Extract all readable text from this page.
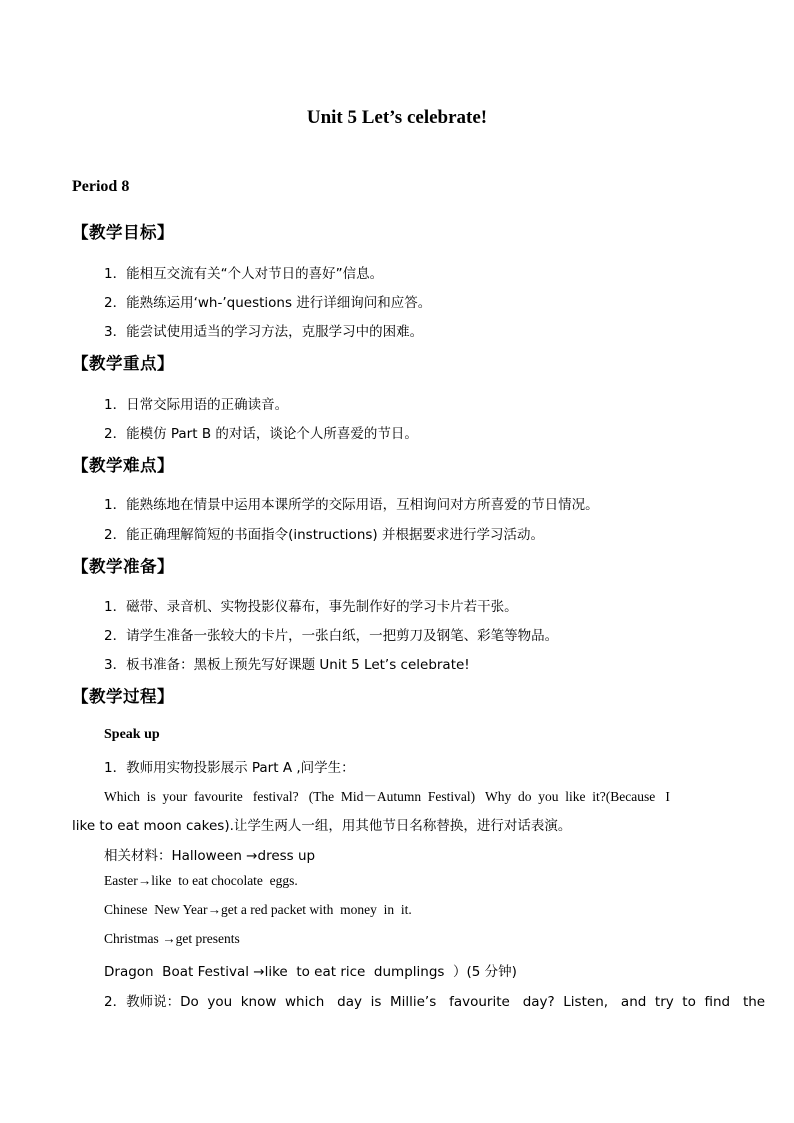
Unit 5 Let’s celebrate!
Period 8
【教学目标】
1．能相互交流有关“个人对节日的喜好”信息。
2．能熟练运用‘wh-’questions 进行详细询问和应答。
3．能尝试使用适当的学习方法，克服学习中的困难。
【教学重点】
1．日常交际用语的正确读音。
2．能模仿 Part B 的对话，谈论个人所喜爱的节日。
【教学难点】
1．能熟练地在情景中运用本课所学的交际用语，互相询问对方所喜爱的节日情况。
2．能正确理解简短的书面指令(instructions) 并根据要求进行学习活动。
【教学准备】
1．磁带、录音机、实物投影仪幕布，事先制作好的学习卡片若干张。
2．请学生准备一张较大的卡片，一张白纸，一把剪刀及钢笔、彩笔等物品。
3．板书准备：黑板上预先写好课题 Unit 5 Let’s celebrate!
【教学过程】
Speak up
1．教师用实物投影展示 Part A ,问学生：
Which  is  your  favourite   festival?   (The  Mid－Autumn  Festival)   Why  do  you  like  it?(Because   I
like to eat moon cakes).让学生两人一组，用其他节日名称替换，进行对话表演。
相关材料：Halloween →dress up
Easter→like  to eat chocolate  eggs.
Chinese  New Year→get a red packet with  money  in  it.
Christmas →get presents
Dragon  Boat Festival →like  to eat rice  dumplings  ）(5 分钟)
2．教师说：Do  you  know  which   day  is  Millie’s   favourite   day?  Listen,   and  try  to  find   the
